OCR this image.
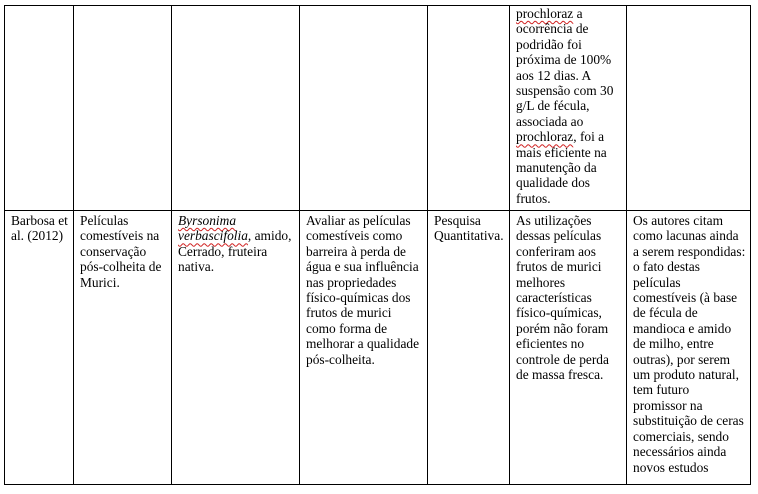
					prochloraz a ocorrência de podridão foi próxima de 100% aos 12 dias. A suspensão com 30 g/L de fécula, associada ao prochloraz, foi a mais eficiente na manutenção da qualidade dos frutos.	
Barbosa et al. (2012)	Películas comestíveis na conservação pós-colheita de Murici.	Byrsonima verbascifolia, amido, Cerrado, fruteira nativa.	Avaliar as películas comestíveis como barreira à perda de água e sua influência nas propriedades físico-químicas dos frutos de murici como forma de melhorar a qualidade pós-colheita.	Pesquisa Quantitativa.	As utilizações dessas películas conferiram aos frutos de murici melhores características físico-químicas, porém não foram eficientes no controle de perda de massa fresca.	Os autores citam como lacunas ainda a serem respondidas: o fato destas películas comestíveis (à base de fécula de mandioca e amido de milho, entre outras), por serem um produto natural, tem futuro promissor na substituição de ceras comerciais, sendo necessários ainda novos estudos
